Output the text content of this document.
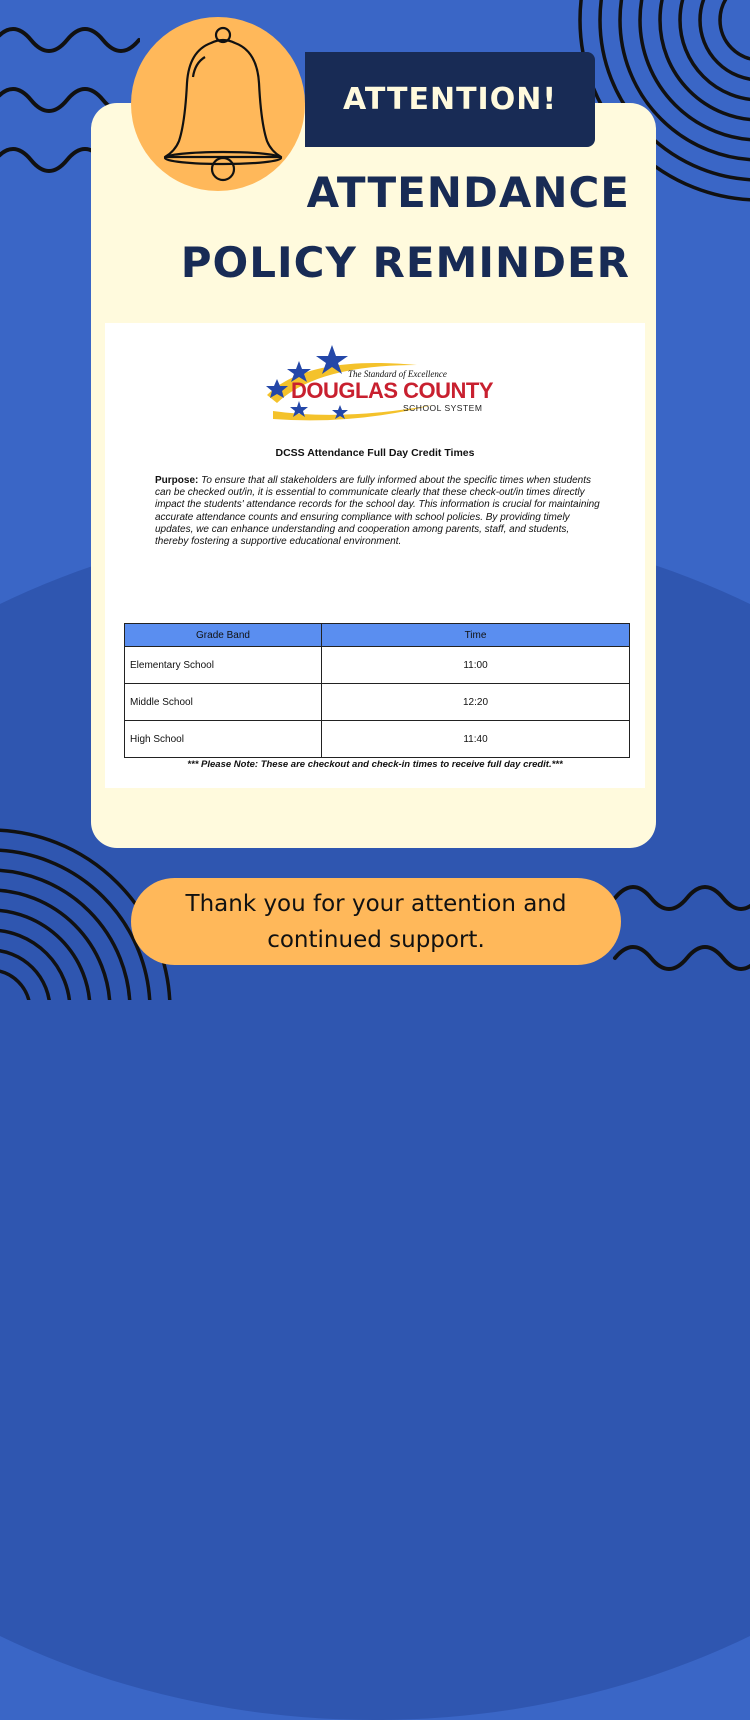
ATTENTION!
ATTENDANCE
POLICY REMINDER
The Standard of Excellence
DOUGLAS COUNTY
SCHOOL SYSTEM
DCSS Attendance Full Day Credit Times
Purpose: To ensure that all stakeholders are fully informed about the specific times when students can be checked out/in, it is essential to communicate clearly that these check-out/in times directly impact the students' attendance records for the school day. This information is crucial for maintaining accurate attendance counts and ensuring compliance with school policies. By providing timely updates, we can enhance understanding and cooperation among parents, staff, and students, thereby fostering a supportive educational environment.
Grade Band	Time
Elementary School	11:00
Middle School	12:20
High School	11:40
*** Please Note: These are checkout and check-in times to receive full day credit.***
Thank you for your attention and
continued support.
